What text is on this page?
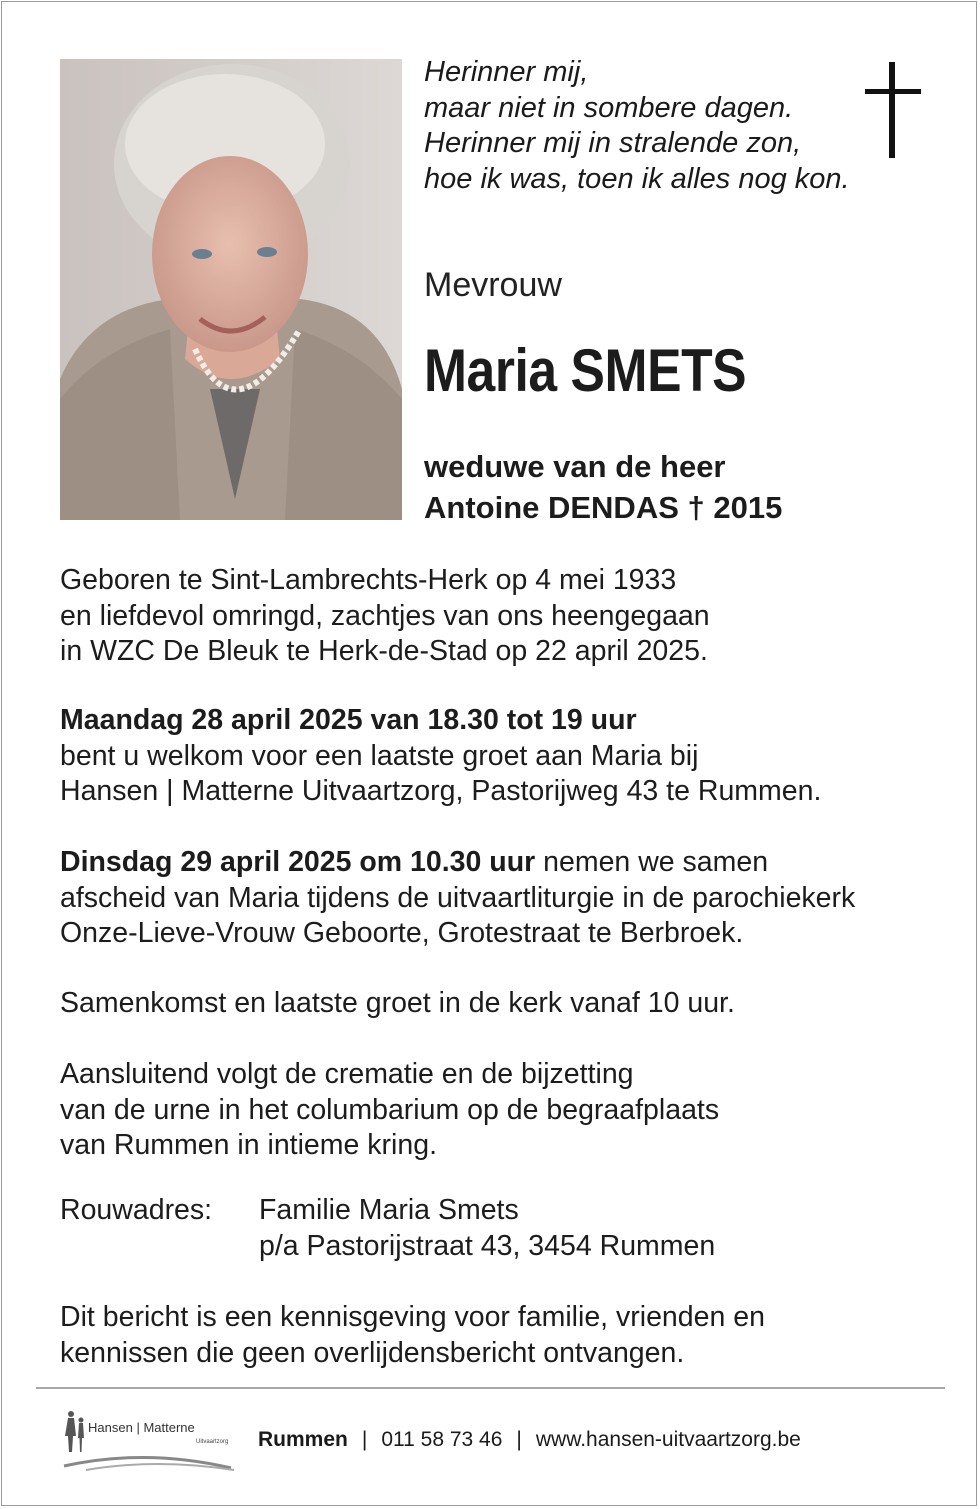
Herinner mij,
maar niet in sombere dagen.
Herinner mij in stralende zon,
hoe ik was, toen ik alles nog kon.
Mevrouw
Maria SMETS
weduwe van de heer
Antoine DENDAS † 2015
Geboren te Sint-Lambrechts-Herk op 4 mei 1933
en liefdevol omringd, zachtjes van ons heengegaan
in WZC De Bleuk te Herk-de-Stad op 22 april 2025.
Maandag 28 april 2025 van 18.30 tot 19 uur
bent u welkom voor een laatste groet aan Maria bij
Hansen | Matterne Uitvaartzorg, Pastorijweg 43 te Rummen.
Dinsdag 29 april 2025 om 10.30 uur nemen we samen
afscheid van Maria tijdens de uitvaartliturgie in de parochiekerk
Onze-Lieve-Vrouw Geboorte, Grotestraat te Berbroek.
Samenkomst en laatste groet in de kerk vanaf 10 uur.
Aansluitend volgt de crematie en de bijzetting
van de urne in het columbarium op de begraafplaats
van Rummen in intieme kring.
Rouwadres: Familie Maria Smets
p/a Pastorijstraat 43, 3454 Rummen
Dit bericht is een kennisgeving voor familie, vrienden en
kennissen die geen overlijdensbericht ontvangen.
Hansen | Matterne
Uitvaartzorg Rummen | 011 58 73 46 | www.hansen-uitvaartzorg.be
